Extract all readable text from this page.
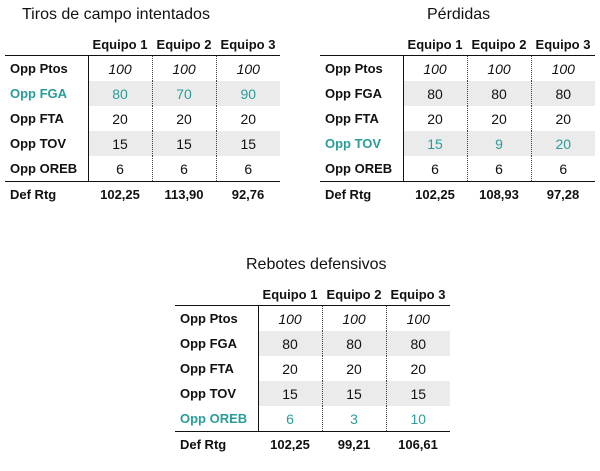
Tiros de campo intentados
	Equipo 1	Equipo 2	Equipo 3
Opp Ptos	100	100	100
Opp FGA	80	70	90
Opp FTA	20	20	20
Opp TOV	15	15	15
Opp OREB	6	6	6
Def Rtg	102,25	113,90	92,76
Pérdidas
	Equipo 1	Equipo 2	Equipo 3
Opp Ptos	100	100	100
Opp FGA	80	80	80
Opp FTA	20	20	20
Opp TOV	15	9	20
Opp OREB	6	6	6
Def Rtg	102,25	108,93	97,28
Rebotes defensivos
	Equipo 1	Equipo 2	Equipo 3
Opp Ptos	100	100	100
Opp FGA	80	80	80
Opp FTA	20	20	20
Opp TOV	15	15	15
Opp OREB	6	3	10
Def Rtg	102,25	99,21	106,61
